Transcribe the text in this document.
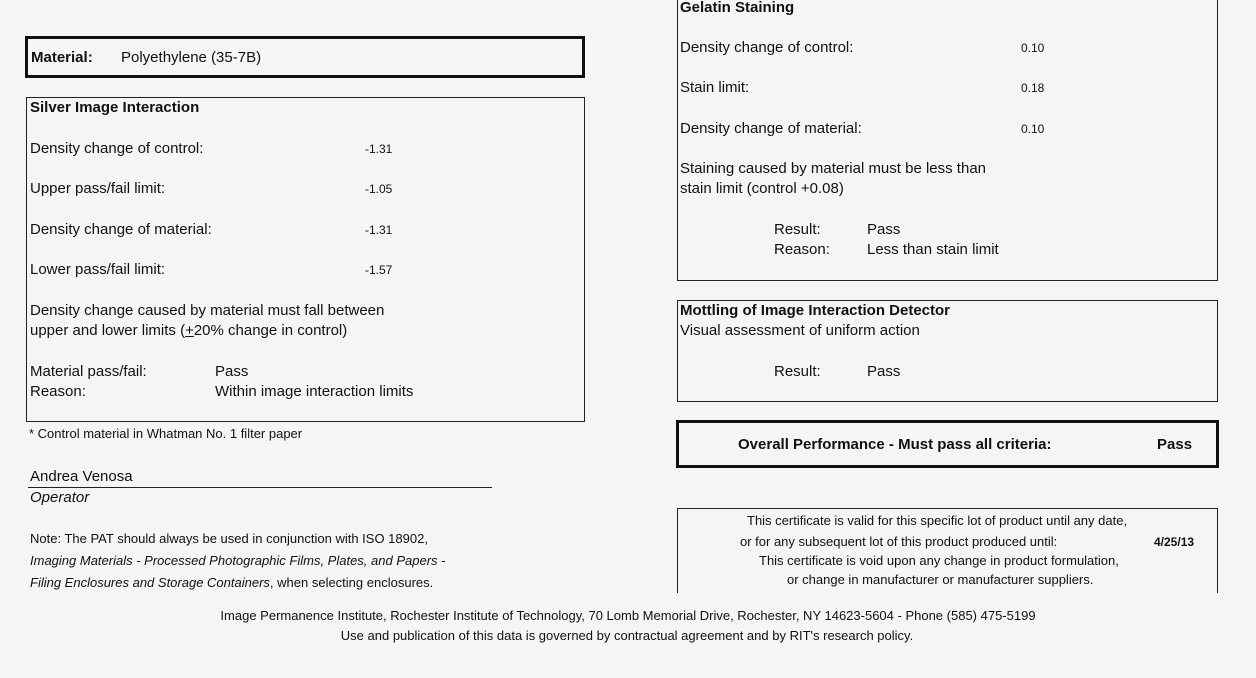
Material: Polyethylene (35-7B)
Silver Image Interaction
Density change of control:	-1.31
Upper pass/fail limit:	-1.05
Density change of material:	-1.31
Lower pass/fail limit:	-1.57
Density change caused by material must fall between
upper and lower limits (+20% change in control)
Material pass/fail:	Pass
Reason:	Within image interaction limits
* Control material in Whatman No. 1 filter paper
Andrea Venosa
Operator
Note: The PAT should always be used in conjunction with ISO 18902,
Imaging Materials - Processed Photographic Films, Plates, and Papers -
Filing Enclosures and Storage Containers, when selecting enclosures.
Gelatin Staining
Density change of control:	0.10
Stain limit:	0.18
Density change of material:	0.10
Staining caused by material must be less than
stain limit (control +0.08)
Result:	Pass
Reason: Less than stain limit
Mottling of Image Interaction Detector
Visual assessment of uniform action
Result:	Pass
Overall Performance - Must pass all criteria:	Pass
This certificate is valid for this specific lot of product until any date,
or for any subsequent lot of this product produced until:	4/25/13
This certificate is void upon any change in product formulation,
or change in manufacturer or manufacturer suppliers.
Image Permanence Institute, Rochester Institute of Technology, 70 Lomb Memorial Drive, Rochester, NY 14623-5604 - Phone (585) 475-5199
Use and publication of this data is governed by contractual agreement and by RIT's research policy.
